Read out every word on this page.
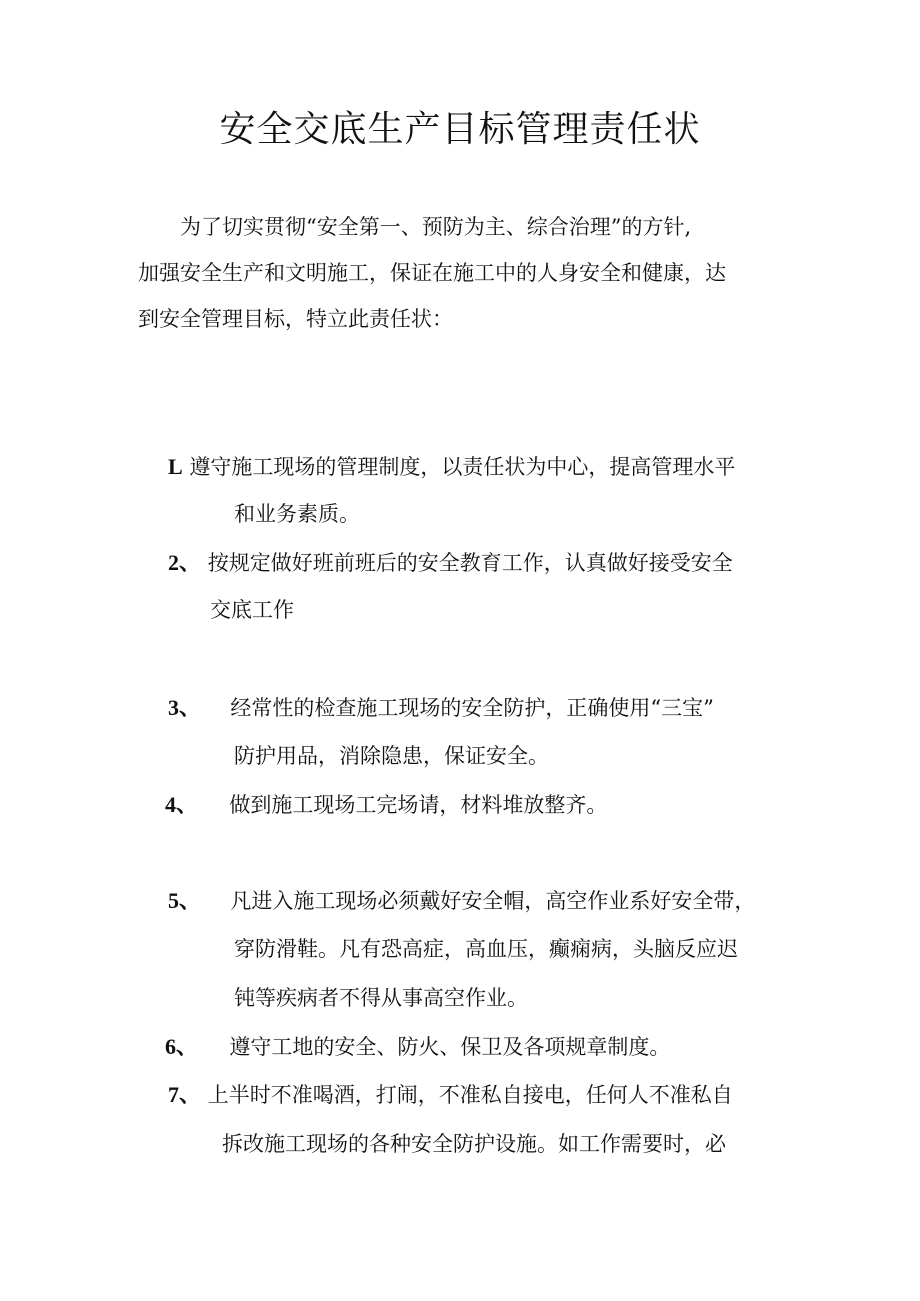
安全交底生产目标管理责任状
为了切实贯彻“安全第一、预防为主、综合治理”的方针,
加强安全生产和文明施工，保证在施工中的人身安全和健康，达
到安全管理目标，特立此责任状：
L 遵守施工现场的管理制度，以责任状为中心，提高管理水平
和业务素质。
2、 按规定做好班前班后的安全教育工作，认真做好接受安全
交底工作
3、 经常性的检查施工现场的安全防护，正确使用“三宝”
防护用品，消除隐患，保证安全。
4、 做到施工现场工完场请，材料堆放整齐。
5、 凡进入施工现场必须戴好安全帽，高空作业系好安全带，
穿防滑鞋。凡有恐高症，高血压，癫痫病，头脑反应迟
钝等疾病者不得从事高空作业。
6、 遵守工地的安全、防火、保卫及各项规章制度。
7、 上半时不准喝酒，打闹，不准私自接电，任何人不准私自
拆改施工现场的各种安全防护设施。如工作需要时，必
